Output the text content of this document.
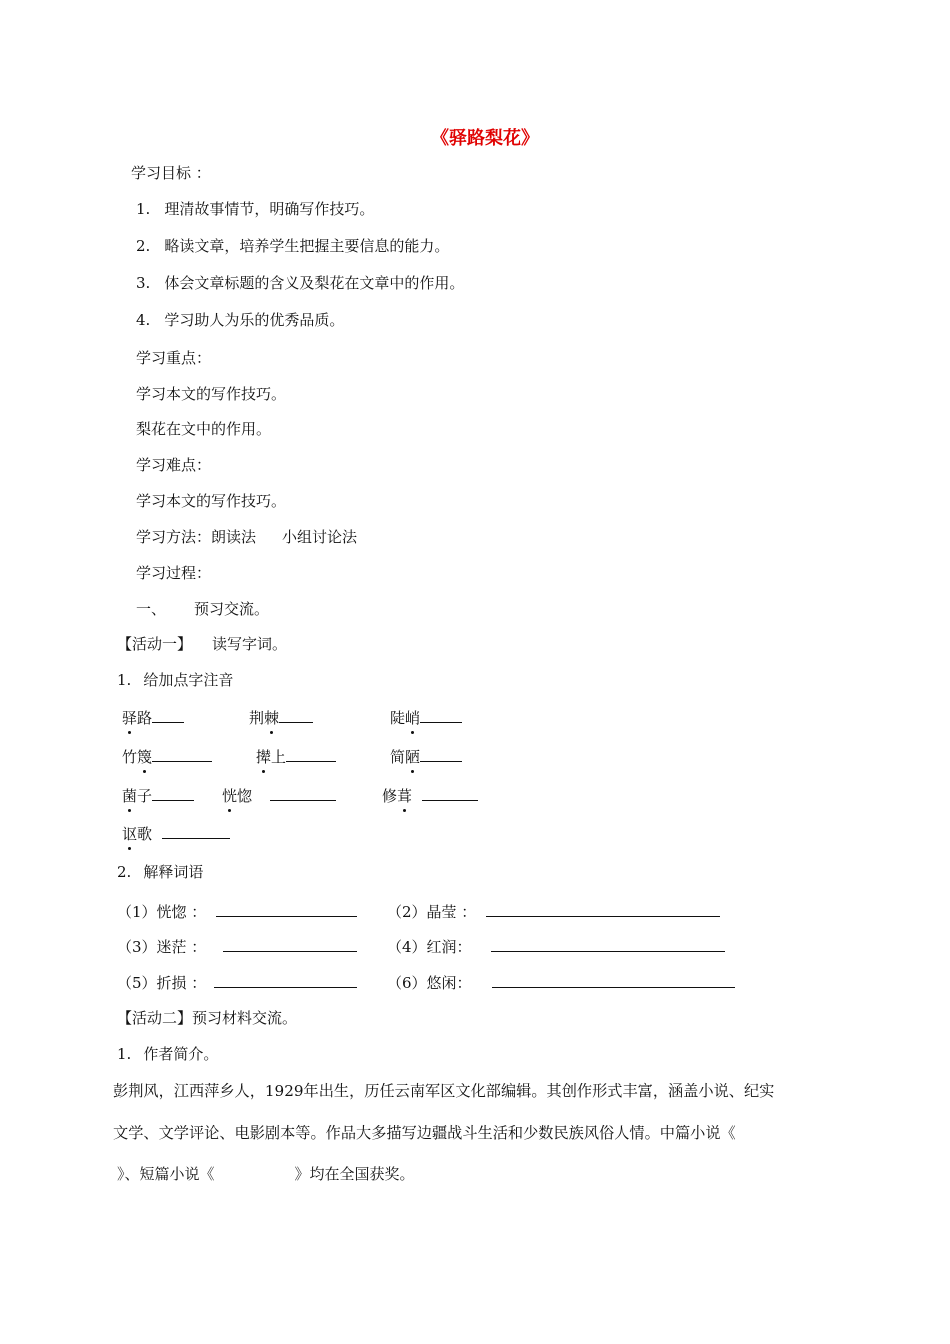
《驿路梨花》
学习目标 ：
1. 理清故事情节，明确写作技巧。
2. 略读文章，培养学生把握主要信息的能力。
3. 体会文章标题的含义及梨花在文章中的作用。
4. 学习助人为乐的优秀品质。
学习重点：
学习本文的写作技巧。
梨花在文中的作用。
学习难点：
学习本文的写作技巧。
学习方法：朗读法 小组讨论法
学习过程：
一、 预习交流。
【活动一】 读写字词。
1. 给加点字注音
驿路	荆棘	陡峭
竹篾	撵上	简陋
菌子	恍惚	修葺
讴歌
2. 解释词语
（1）恍惚 ：	（2）晶莹 ：
（3）迷茫 ：	（4）红润：
（5）折损 ：	（6）悠闲：
【活动二】预习材料交流。
1. 作者简介。
彭荆风，江西萍乡人，1929年出生，历任云南军区文化部编辑。其创作形式丰富，涵盖小说、纪实
文学、文学评论、电影剧本等。作品大多描写边疆战斗生活和少数民族风俗人情。中篇小说《
》、短篇小说《	》均在全国获奖。
